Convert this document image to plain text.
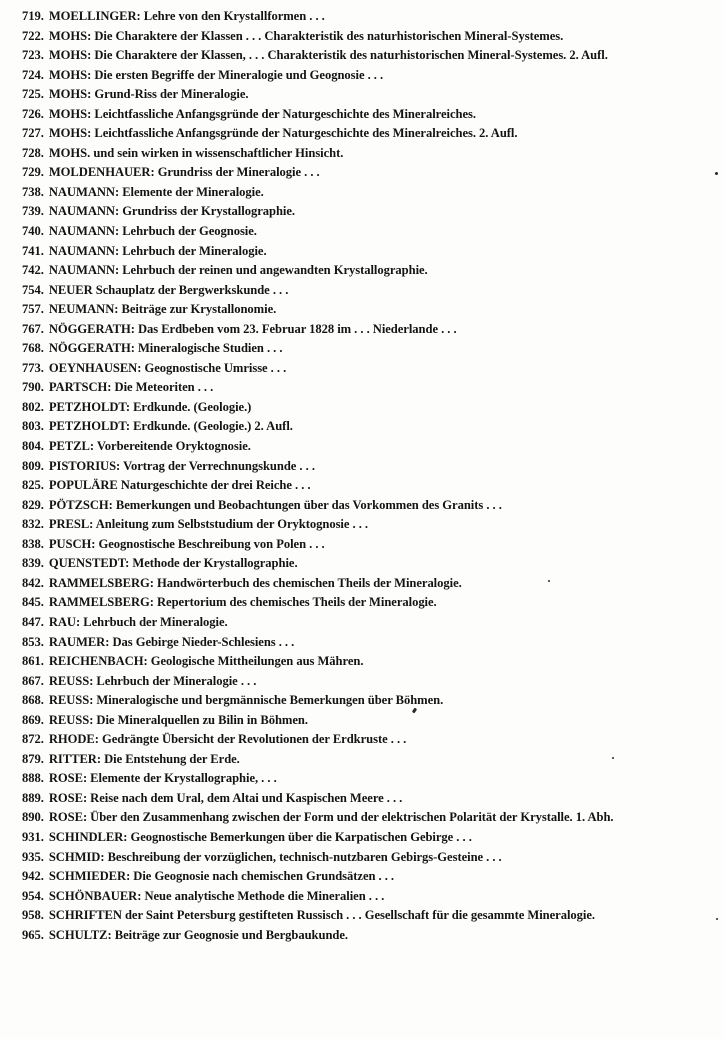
719. MOELLINGER: Lehre von den Krystallformen . . .
722. MOHS: Die Charaktere der Klassen . . . Charakteristik des naturhistorischen Mineral-Systemes.
723. MOHS: Die Charaktere der Klassen, . . . Charakteristik des naturhistorischen Mineral-Systemes. 2. Aufl.
724. MOHS: Die ersten Begriffe der Mineralogie und Geognosie . . .
725. MOHS: Grund-Riss der Mineralogie.
726. MOHS: Leichtfassliche Anfangsgründe der Naturgeschichte des Mineralreiches.
727. MOHS: Leichtfassliche Anfangsgründe der Naturgeschichte des Mineralreiches. 2. Aufl.
728. MOHS. und sein wirken in wissenschaftlicher Hinsicht.
729. MOLDENHAUER: Grundriss der Mineralogie . . .
738. NAUMANN: Elemente der Mineralogie.
739. NAUMANN: Grundriss der Krystallographie.
740. NAUMANN: Lehrbuch der Geognosie.
741. NAUMANN: Lehrbuch der Mineralogie.
742. NAUMANN: Lehrbuch der reinen und angewandten Krystallographie.
754. NEUER Schauplatz der Bergwerkskunde . . .
757. NEUMANN: Beiträge zur Krystallonomie.
767. NÖGGERATH: Das Erdbeben vom 23. Februar 1828 im . . . Niederlande . . .
768. NÖGGERATH: Mineralogische Studien . . .
773. OEYNHAUSEN: Geognostische Umrisse . . .
790. PARTSCH: Die Meteoriten . . .
802. PETZHOLDT: Erdkunde. (Geologie.)
803. PETZHOLDT: Erdkunde. (Geologie.) 2. Aufl.
804. PETZL: Vorbereitende Oryktognosie.
809. PISTORIUS: Vortrag der Verrechnungskunde . . .
825. POPULÄRE Naturgeschichte der drei Reiche . . .
829. PÖTZSCH: Bemerkungen und Beobachtungen über das Vorkommen des Granits . . .
832. PRESL: Anleitung zum Selbststudium der Oryktognosie . . .
838. PUSCH: Geognostische Beschreibung von Polen . . .
839. QUENSTEDT: Methode der Krystallographie.
842. RAMMELSBERG: Handwörterbuch des chemischen Theils der Mineralogie.
845. RAMMELSBERG: Repertorium des chemisches Theils der Mineralogie.
847. RAU: Lehrbuch der Mineralogie.
853. RAUMER: Das Gebirge Nieder-Schlesiens . . .
861. REICHENBACH: Geologische Mittheilungen aus Mähren.
867. REUSS: Lehrbuch der Mineralogie . . .
868. REUSS: Mineralogische und bergmännische Bemerkungen über Böhmen.
869. REUSS: Die Mineralquellen zu Bilin in Böhmen.
872. RHODE: Gedrängte Übersicht der Revolutionen der Erdkruste . . .
879. RITTER: Die Entstehung der Erde.
888. ROSE: Elemente der Krystallographie, . . .
889. ROSE: Reise nach dem Ural, dem Altai und Kaspischen Meere . . .
890. ROSE: Über den Zusammenhang zwischen der Form und der elektrischen Polarität der Krystalle. 1. Abh.
931. SCHINDLER: Geognostische Bemerkungen über die Karpatischen Gebirge . . .
935. SCHMID: Beschreibung der vorzüglichen, technisch-nutzbaren Gebirgs-Gesteine . . .
942. SCHMIEDER: Die Geognosie nach chemischen Grundsätzen . . .
954. SCHÖNBAUER: Neue analytische Methode die Mineralien . . .
958. SCHRIFTEN der Saint Petersburg gestifteten Russisch . . . Gesellschaft für die gesammte Mineralogie.
965. SCHULTZ: Beiträge zur Geognosie und Bergbaukunde.
